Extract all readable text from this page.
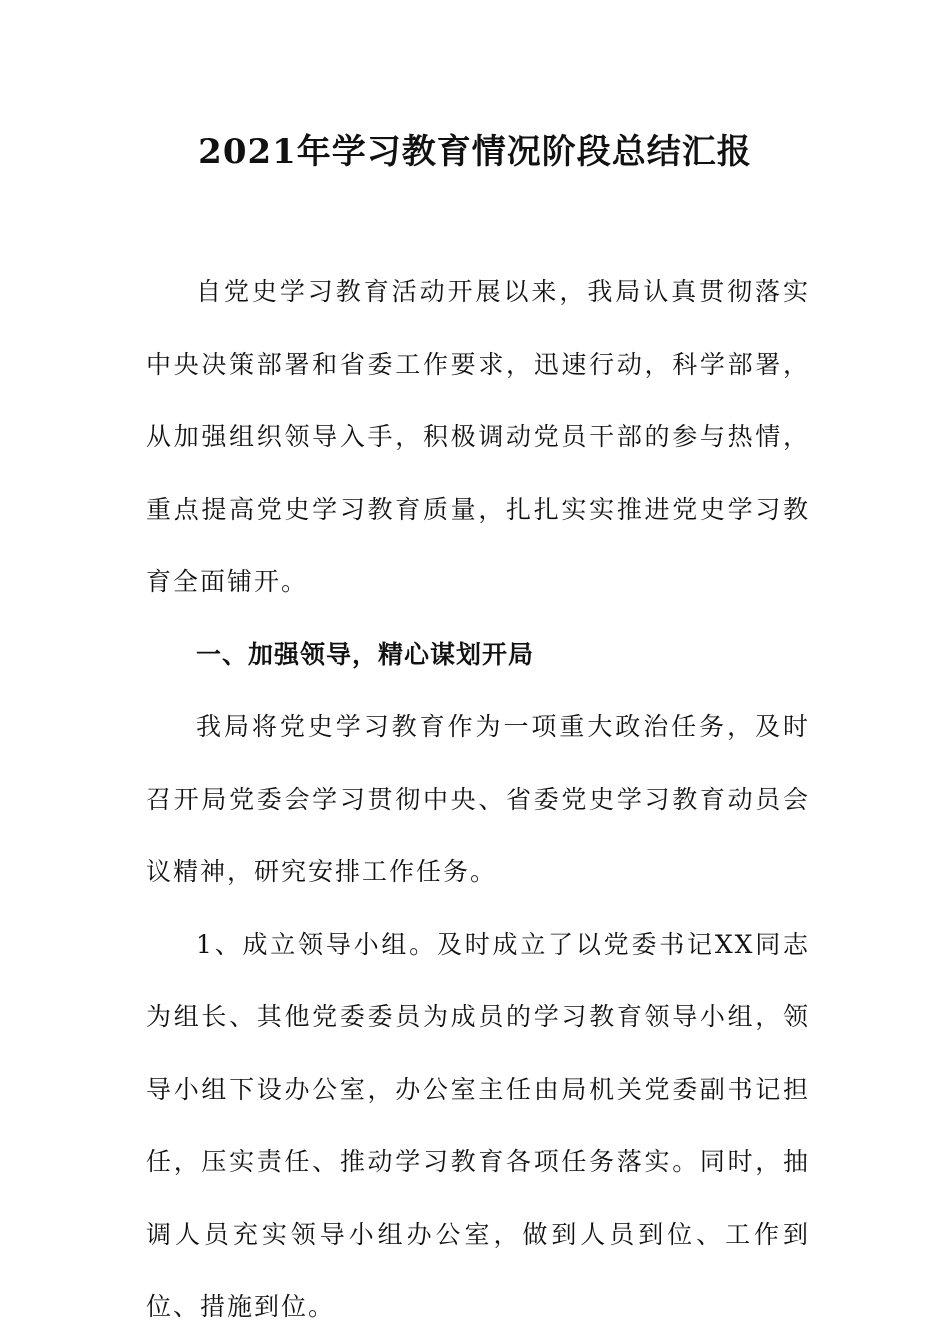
2021年学习教育情况阶段总结汇报

自党史学习教育活动开展以来，我局认真贯彻落实中央决策部署和省委工作要求，迅速行动，科学部署，从加强组织领导入手，积极调动党员干部的参与热情，重点提高党史学习教育质量，扎扎实实推进党史学习教育全面铺开。

一、加强领导，精心谋划开局

我局将党史学习教育作为一项重大政治任务，及时召开局党委会学习贯彻中央、省委党史学习教育动员会议精神，研究安排工作任务。

1、成立领导小组。及时成立了以党委书记XX同志为组长、其他党委委员为成员的学习教育领导小组，领导小组下设办公室，办公室主任由局机关党委副书记担任，压实责任、推动学习教育各项任务落实。同时，抽调人员充实领导小组办公室，做到人员到位、工作到位、措施到位。
